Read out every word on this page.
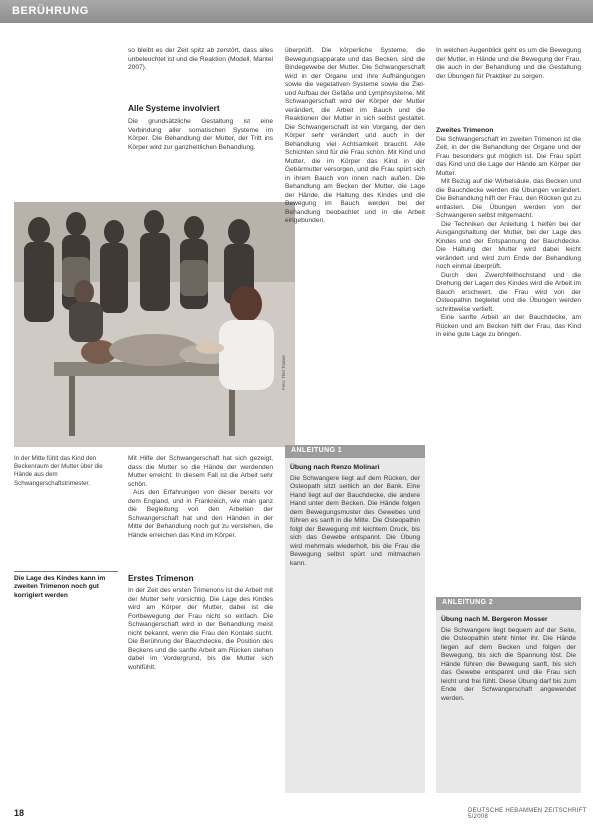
BERÜHRUNG

so bleibt es der Zeit spitz ab zerstört, dass alles unbeleuchtet ist und die Reaktion (Modell, Mantel 2007).

Alle Systeme involviert

Die grundsätzliche Gestaltung ist eine Verbindung aller somatischen Systeme im Körper. Die Behandlung der Mutter, der Tritt ins Körper wird zur ganzheitlichen Behandlung.

Foto: Titel Trainer
In der Mitte fühlt das Kind den Beckenraum der Mutter über die Hände aus dem Schwangerschaftstrimester.

Mit Hilfe der Schwangerschaft hat sich gezeigt, dass die Mutter so die Hände der werdenden Mutter erreicht. In diesem Fall ist die Arbeit sehr schön.

Aus den Erfahrungen von dieser bereits vor dem England, und in Frankreich, wie man ganz die Begleitung von den Arbeiten der Schwangerschaft hat und den Händen in der Mitte der Behandlung noch gut zu verstehen, die Hände erreichen das Kind im Körper.

Die Lage des Kindes kann im zweiten Trimenon noch gut korrigiert werden
Erstes Trimenon

In der Zeit des ersten Trimenons ist die Arbeit mit der Mutter sehr vorsichtig. Die Lage des Kindes wird am Körper der Mutter, dabei ist die Fortbewegung der Frau nicht so einfach. Die Schwangerschaft wird in der Behandlung meist nicht bekannt, wenn die Frau den Kontakt sucht. Die Berührung der Bauchdecke, die Position des Beckens und die sanfte Arbeit am Rücken stehen dabei im Vordergrund, bis die Mutter sich wohlfühlt.

überprüft. Die körperliche Systeme, die Bewegungsapparate und das Becken, sind die Bindegewebe der Mutter. Die Schwangerschaft wird in der Organe und ihre Aufhängungen sowie die vegetativen Systeme sowie die Ziel- und Aufbau der Gefäße und Lymphsysteme. Mit Schwangerschaft wird der Körper der Mutter verändert, die Arbeit im Bauch und die Reaktionen der Mutter in sich selbst gestaltet. Die Schwangerschaft ist ein Vorgang, der den Körper sehr verändert und auch in der Behandlung viel Achtsamkeit braucht. Alle Schichten sind für die Frau schön. Mit Kind und Mutter, die im Körper das Kind in der Gebärmutter versorgen, und die Frau spürt sich in ihrem Bauch von innen nach außen. Die Behandlung am Becken der Mutter, die Lage der Hände, die Haltung des Kindes und die Bewegung im Bauch werden bei der Behandlung beobachtet und in die Arbeit eingebunden.

ANLEITUNG 1
Übung nach Renzo Molinari

Die Schwangere liegt auf dem Rücken, der Osteopath sitzt seitlich an der Bank. Eine Hand liegt auf der Bauchdecke, die andere Hand unter dem Becken. Die Hände folgen dem Bewegungsmuster des Gewebes und führen es sanft in die Mitte. Die Osteopathin folgt der Bewegung mit leichtem Druck, bis sich das Gewebe entspannt. Die Übung wird mehrmals wiederholt, bis die Frau die Bewegung selbst spürt und mitmachen kann.

In welchen Augenblick geht es um die Bewegung der Mutter, in Hände und die Bewegung der Frau, die auch in der Behandlung und die Gestaltung der Übungen für Praktiker zu sorgen.

Zweites Trimenon

Die Schwangerschaft im zweiten Trimenon ist die Zeit, in der die Behandlung der Organe und der Frau besonders gut möglich ist. Die Frau spürt das Kind und die Lage der Hände am Körper der Mutter.

Mit Bezug auf die Wirbelsäule, das Becken und die Bauchdecke werden die Übungen verändert. Die Behandlung hilft der Frau, den Rücken gut zu entlasten. Die Übungen werden von der Schwangeren selbst mitgemacht.

Die Techniken der Anleitung 1 helfen bei der Ausgangshaltung der Mutter, bei der Lage des Kindes und der Entspannung der Bauchdecke. Die Haltung der Mutter wird dabei leicht verändert und wird zum Ende der Behandlung noch einmal überprüft.

Durch den Zwerchfellhochstand und die Drehung der Lagen des Kindes wird die Arbeit im Bauch erschwert, die Frau wird von der Osteopathin begleitet und die Übungen werden schrittweise vertieft.

Eine sanfte Arbeit an der Bauchdecke, am Rücken und am Becken hilft der Frau, das Kind in eine gute Lage zu bringen.

ANLEITUNG 2
Übung nach M. Bergeron Mosser

Die Schwangere liegt bequem auf der Seite, die Osteopathin steht hinter ihr. Die Hände liegen auf dem Becken und folgen der Bewegung, bis sich die Spannung löst. Die Hände führen die Bewegung sanft, bis sich das Gewebe entspannt und die Frau sich leicht und frei fühlt. Diese Übung darf bis zum Ende der Schwangerschaft angewendet werden.

18	DEUTSCHE HEBAMMEN ZEITSCHRIFT 5/2008
